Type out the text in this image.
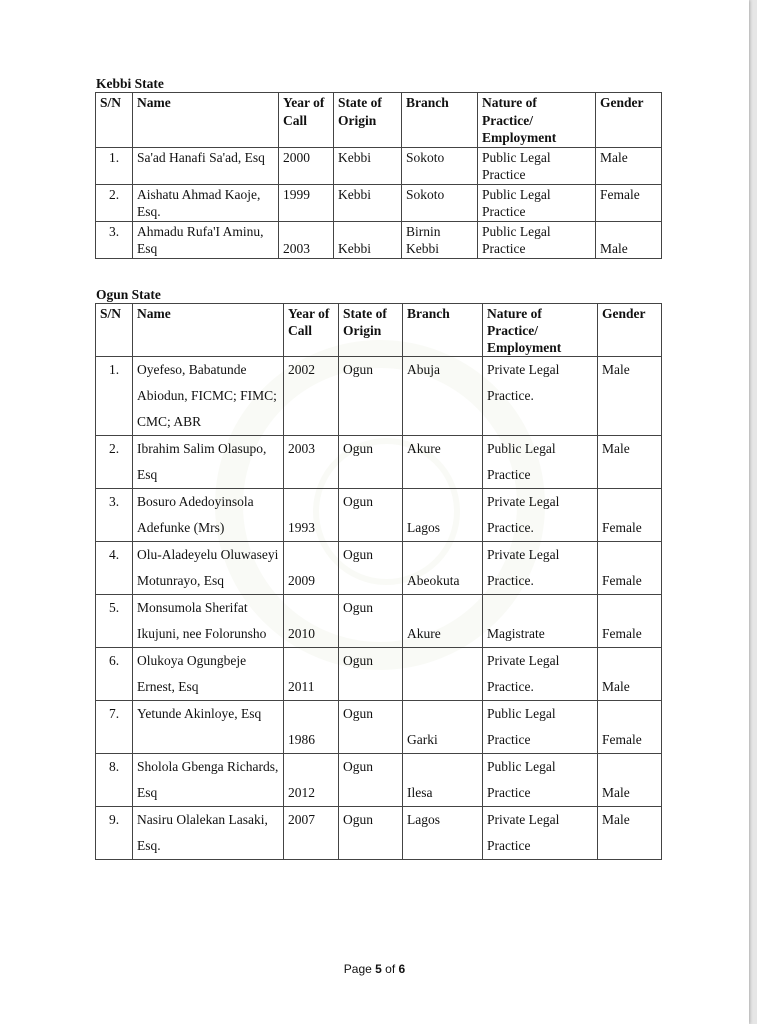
Kebbi State
S/N	Name	Year of Call	State of Origin	Branch	Nature of Practice/ Employment	Gender
1.	Sa'ad Hanafi Sa'ad, Esq	2000	Kebbi	Sokoto	Public Legal Practice	Male
2.	Aishatu Ahmad Kaoje, Esq.	1999	Kebbi	Sokoto	Public Legal Practice	Female
3.	Ahmadu Rufa'I Aminu, Esq	2003	Kebbi	Birnin Kebbi	Public Legal Practice	Male
Ogun State
S/N	Name	Year of Call	State of Origin	Branch	Nature of Practice/ Employment	Gender
1.	Oyefeso, Babatunde Abiodun, FICMC; FIMC; CMC; ABR	2002	Ogun	Abuja	Private Legal Practice.	Male
2.	Ibrahim Salim Olasupo, Esq	2003	Ogun	Akure	Public Legal Practice	Male
3.	Bosuro Adedoyinsola Adefunke (Mrs)	1993	Ogun	Lagos	Private Legal Practice.	Female
4.	Olu-Aladeyelu Oluwaseyi Motunrayo, Esq	2009	Ogun	Abeokuta	Private Legal Practice.	Female
5.	Monsumola Sherifat Ikujuni, nee Folorunsho	2010	Ogun	Akure	Magistrate	Female
6.	Olukoya Ogungbeje Ernest, Esq	2011	Ogun		Private Legal Practice.	Male
7.	Yetunde Akinloye, Esq	1986	Ogun	Garki	Public Legal Practice	Female
8.	Sholola Gbenga Richards, Esq	2012	Ogun	Ilesa	Public Legal Practice	Male
9.	Nasiru Olalekan Lasaki, Esq.	2007	Ogun	Lagos	Private Legal Practice	Male
Page 5 of 6
